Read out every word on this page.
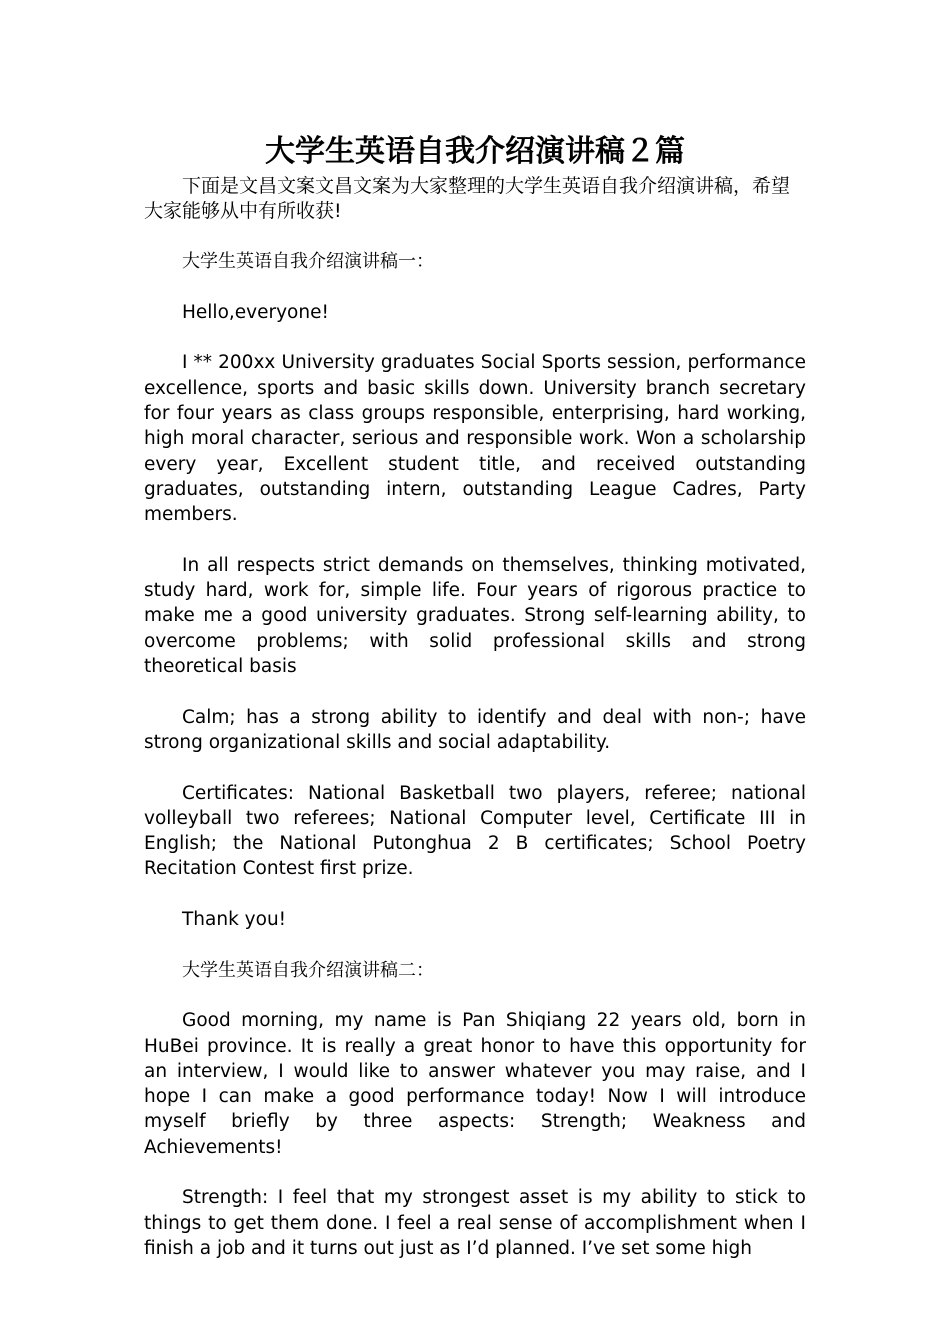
大学生英语自我介绍演讲稿２篇

下面是文昌文案文昌文案为大家整理的大学生英语自我介绍演讲稿，希望大家能够从中有所收获!

大学生英语自我介绍演讲稿一：

Hello,everyone!

I ** 200xx University graduates Social Sports session, performance excellence, sports and basic skills down. University branch secretary for four years as class groups responsible, enterprising, hard working, high moral character, serious and responsible work. Won a scholarship every year, Excellent student title, and received outstanding graduates, outstanding intern, outstanding League Cadres, Party members.

In all respects strict demands on themselves, thinking motivated, study hard, work for, simple life. Four years of rigorous practice to make me a good university graduates. Strong self-learning ability, to overcome problems; with solid professional skills and strong theoretical basis

Calm; has a strong ability to identify and deal with non-; have strong organizational skills and social adaptability.

Certificates: National Basketball two players, referee; national volleyball two referees; National Computer level, Certificate III in English; the National Putonghua 2 B certificates; School Poetry Recitation Contest first prize.

Thank you!

大学生英语自我介绍演讲稿二：

Good morning, my name is Pan Shiqiang 22 years old, born in HuBei province. It is really a great honor to have this opportunity for an interview, I would like to answer whatever you may raise, and I hope I can make a good performance today! Now I will introduce myself briefly by three aspects: Strength; Weakness and Achievements!

Strength: I feel that my strongest asset is my ability to stick to things to get them done. I feel a real sense of accomplishment when I finish a job and it turns out just as I’d planned. I’ve set some high
